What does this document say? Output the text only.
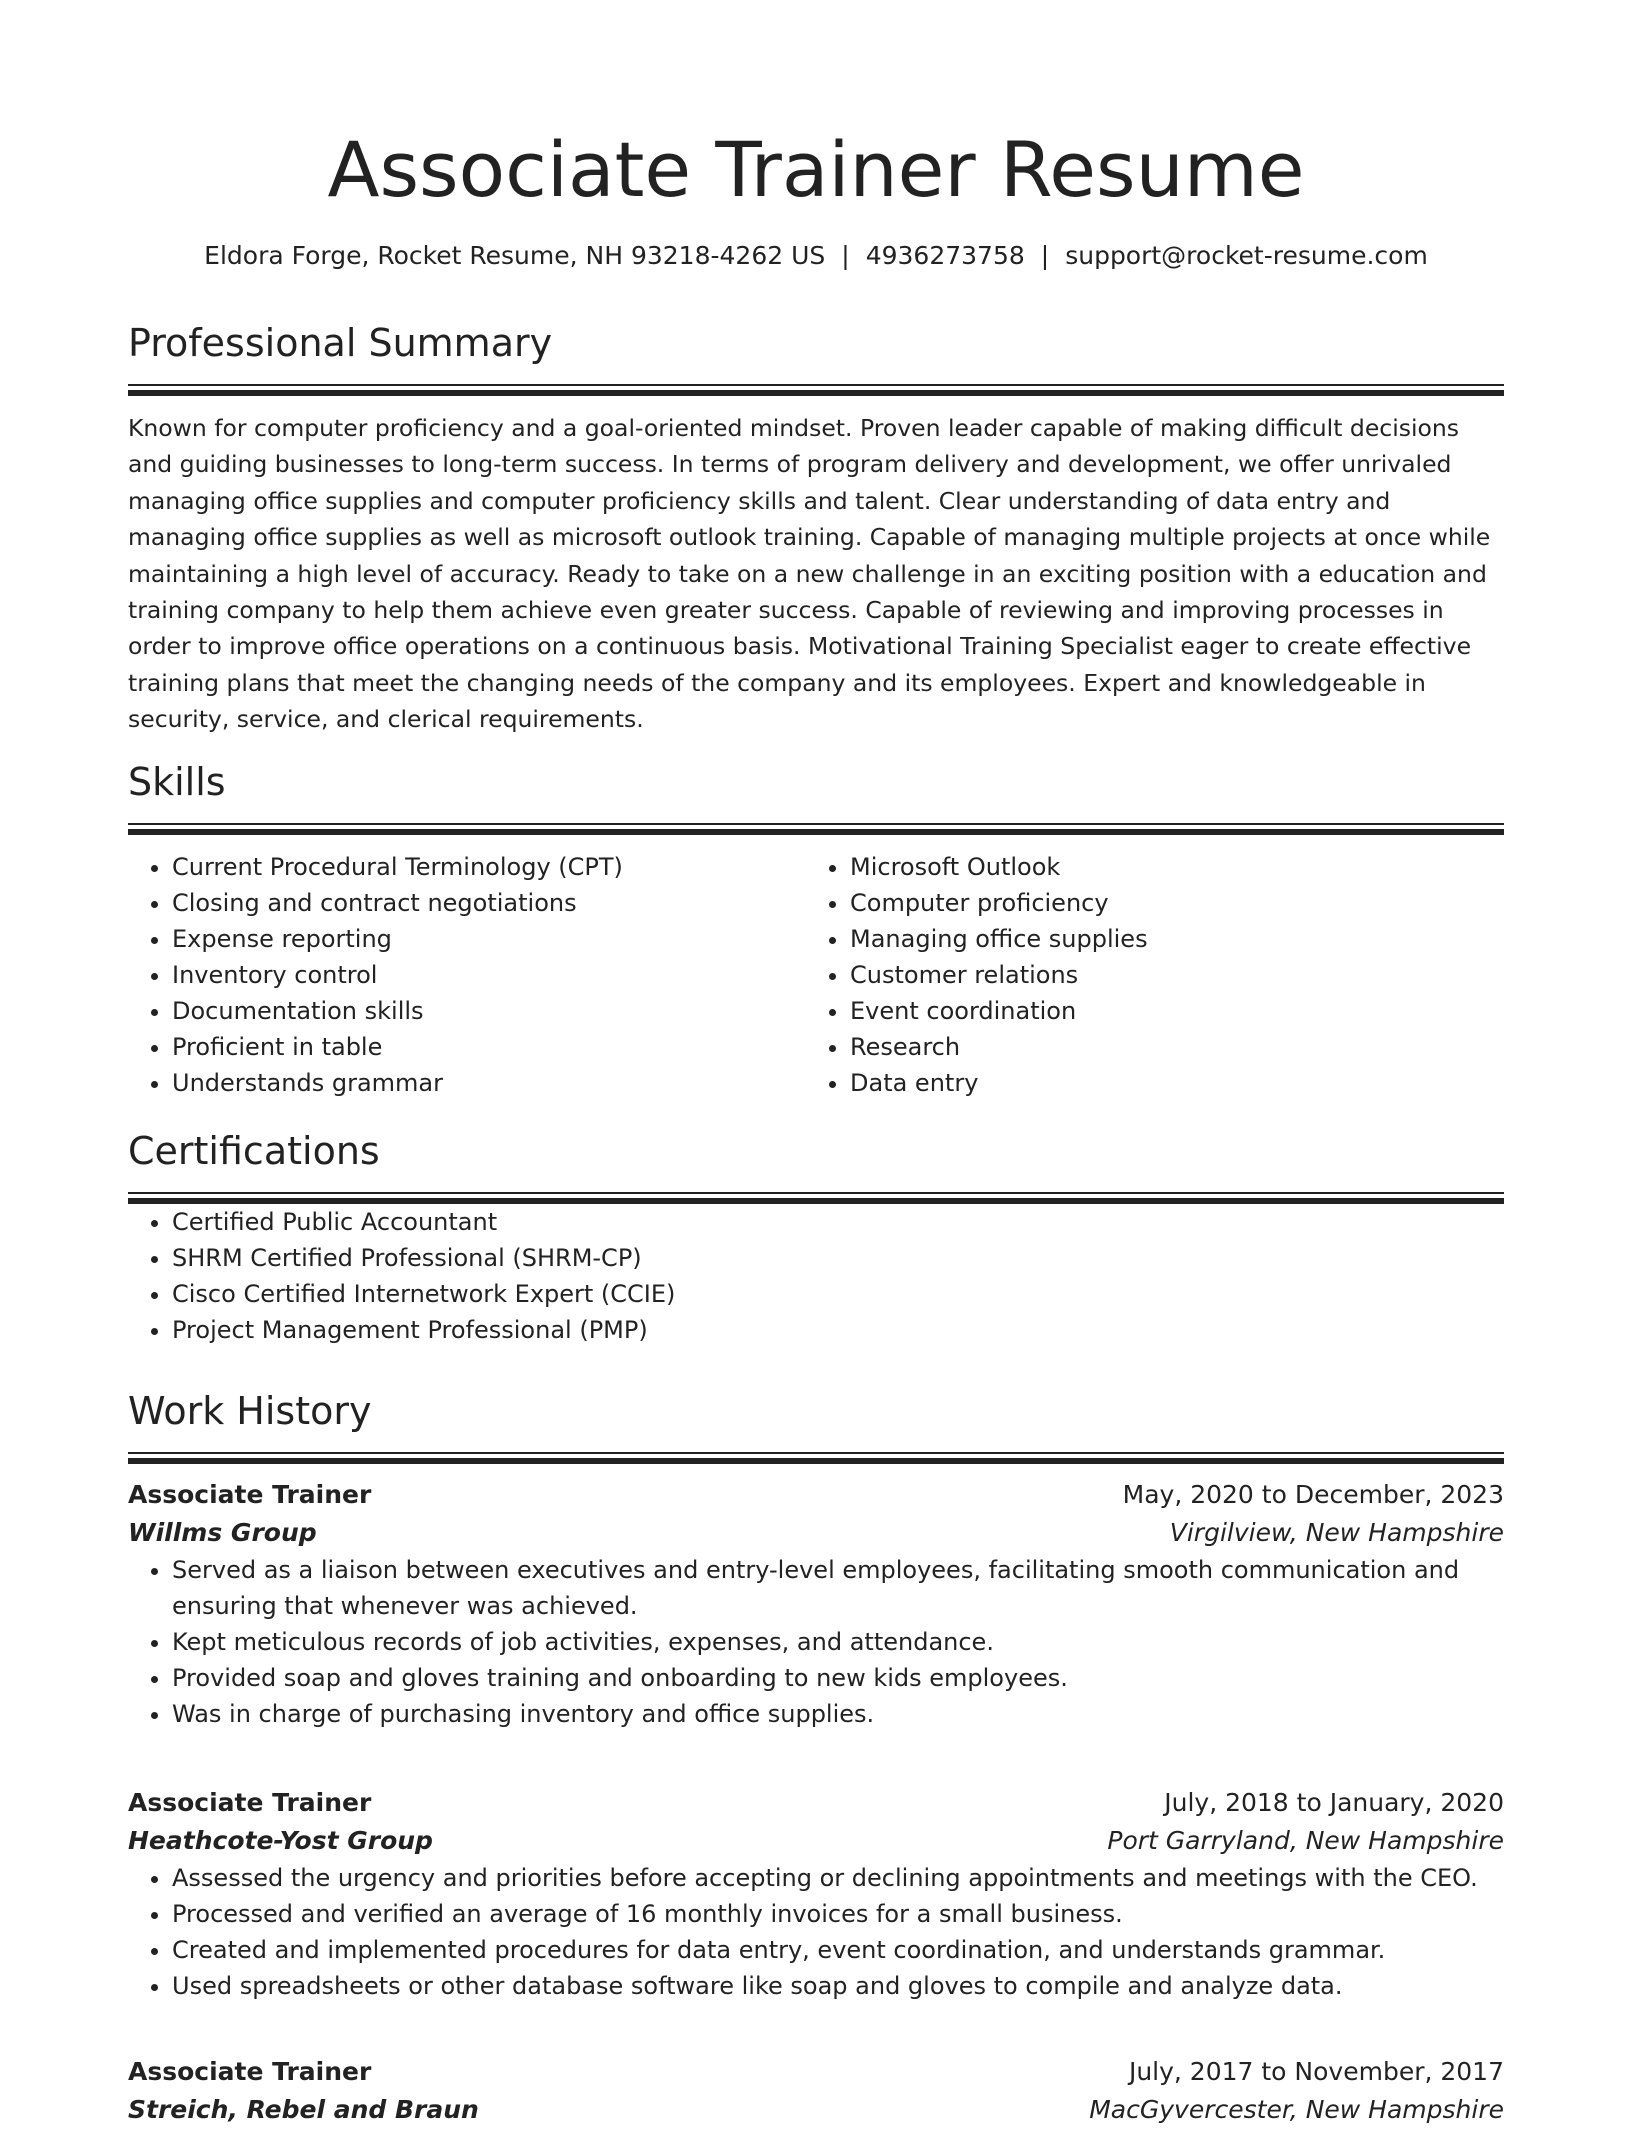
Associate Trainer Resume
Eldora Forge, Rocket Resume, NH 93218-4262 US | 4936273758 | support@rocket-resume.com
Professional Summary

Known for computer proficiency and a goal-oriented mindset. Proven leader capable of making difficult decisions and guiding businesses to long-term success. In terms of program delivery and development, we offer unrivaled managing office supplies and computer proficiency skills and talent. Clear understanding of data entry and managing office supplies as well as microsoft outlook training. Capable of managing multiple projects at once while maintaining a high level of accuracy. Ready to take on a new challenge in an exciting position with a education and training company to help them achieve even greater success. Capable of reviewing and improving processes in order to improve office operations on a continuous basis. Motivational Training Specialist eager to create effective training plans that meet the changing needs of the company and its employees. Expert and knowledgeable in security, service, and clerical requirements.

Skills
• Current Procedural Terminology (CPT)
• Closing and contract negotiations
• Expense reporting
• Inventory control
• Documentation skills
• Proficient in table
• Understands grammar
• Microsoft Outlook
• Computer proficiency
• Managing office supplies
• Customer relations
• Event coordination
• Research
• Data entry
Certifications
• Certified Public Accountant
• SHRM Certified Professional (SHRM-CP)
• Cisco Certified Internetwork Expert (CCIE)
• Project Management Professional (PMP)
Work History
Associate Trainer	May, 2020 to December, 2023
Willms Group	Virgilview, New Hampshire
• Served as a liaison between executives and entry-level employees, facilitating smooth communication and ensuring that whenever was achieved.
• Kept meticulous records of job activities, expenses, and attendance.
• Provided soap and gloves training and onboarding to new kids employees.
• Was in charge of purchasing inventory and office supplies.
Associate Trainer	July, 2018 to January, 2020
Heathcote-Yost Group	Port Garryland, New Hampshire
• Assessed the urgency and priorities before accepting or declining appointments and meetings with the CEO.
• Processed and verified an average of 16 monthly invoices for a small business.
• Created and implemented procedures for data entry, event coordination, and understands grammar.
• Used spreadsheets or other database software like soap and gloves to compile and analyze data.
Associate Trainer	July, 2017 to November, 2017
Streich, Rebel and Braun	MacGyvercester, New Hampshire
